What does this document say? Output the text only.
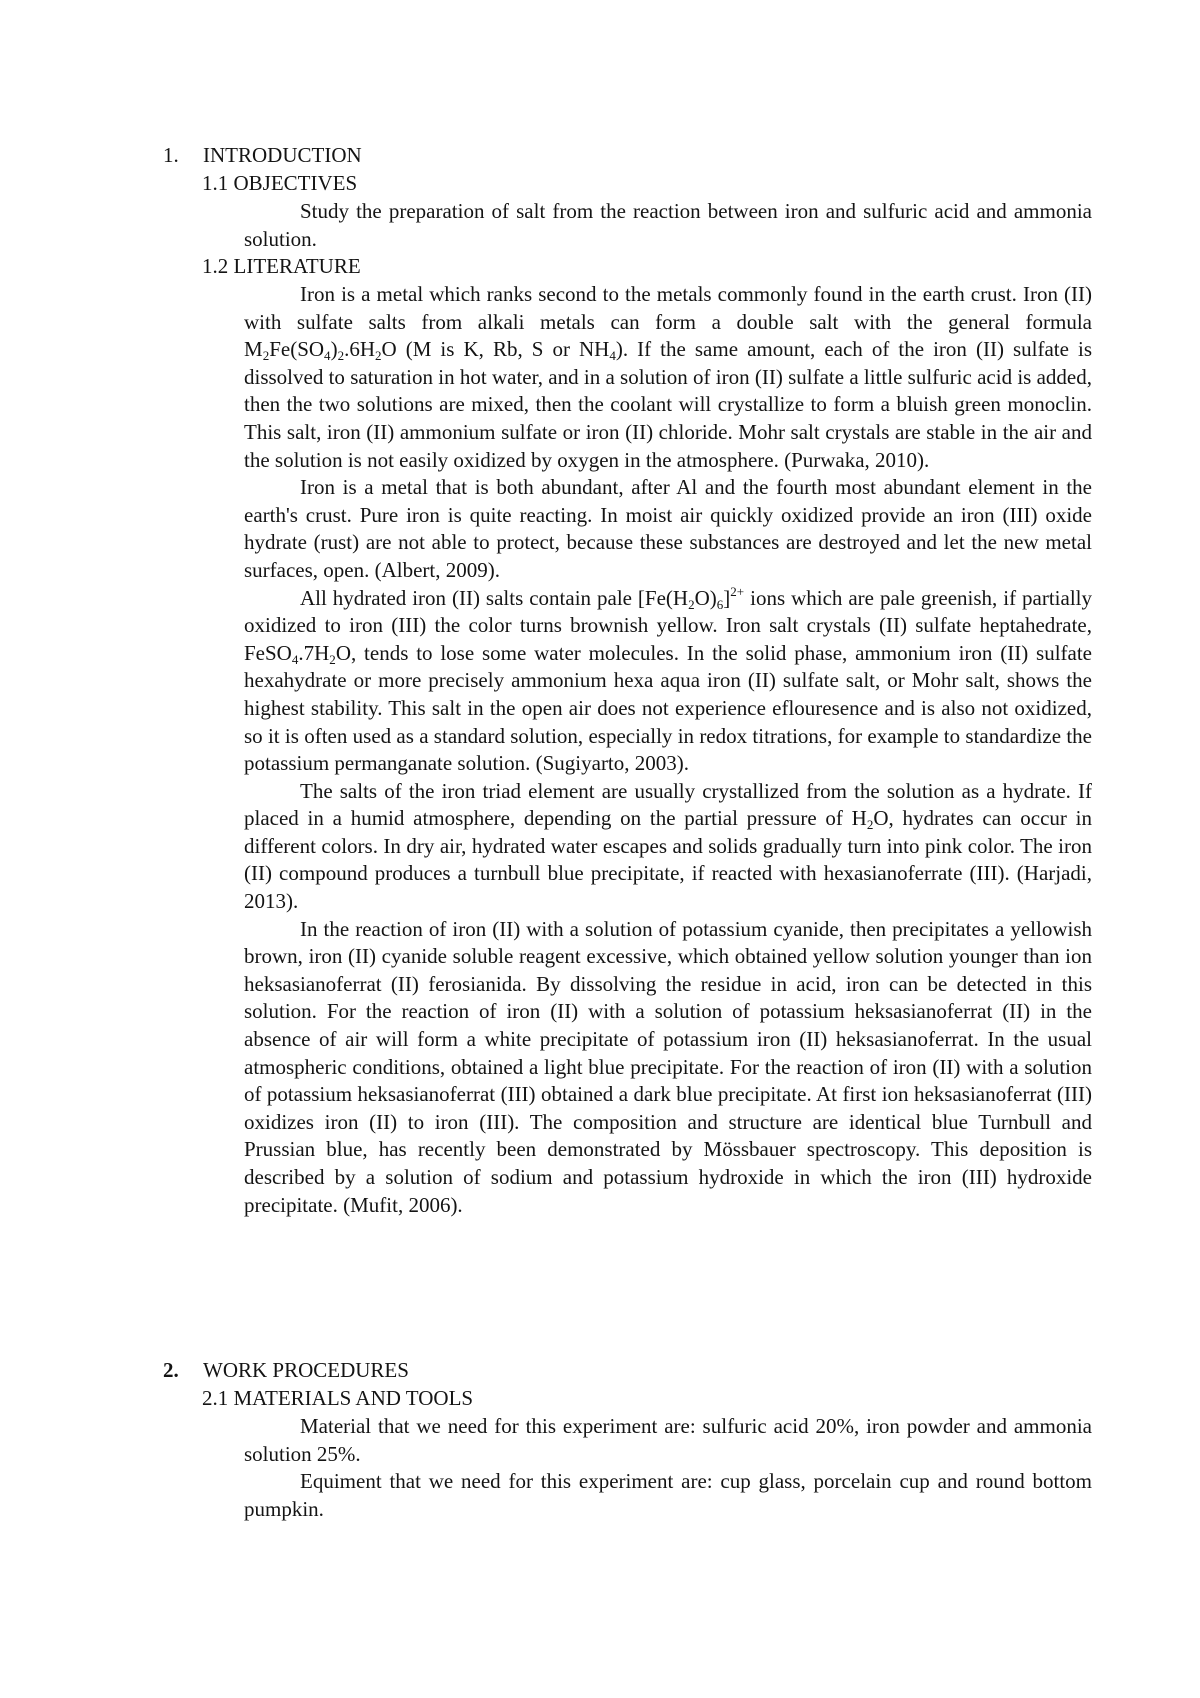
1. INTRODUCTION
1.1 OBJECTIVES

Study the preparation of salt from the reaction between iron and sulfuric acid and ammonia solution.

1.2 LITERATURE

Iron is a metal which ranks second to the metals commonly found in the earth crust. Iron (II) with sulfate salts from alkali metals can form a double salt with the general formula $M_2Fe(SO_4)_2.6H_2O$ (M is K, Rb, S or $NH_4$). If the same amount, each of the iron (II) sulfate is dissolved to saturation in hot water, and in a solution of iron (II) sulfate a little sulfuric acid is added, then the two solutions are mixed, then the coolant will crystallize to form a bluish green monoclin. This salt, iron (II) ammonium sulfate or iron (II) chloride. Mohr salt crystals are stable in the air and the solution is not easily oxidized by oxygen in the atmosphere. (Purwaka, 2010).

Iron is a metal that is both abundant, after Al and the fourth most abundant element in the earth's crust. Pure iron is quite reacting. In moist air quickly oxidized provide an iron (III) oxide hydrate (rust) are not able to protect, because these substances are destroyed and let the new metal surfaces, open. (Albert, 2009).

All hydrated iron (II) salts contain pale $[Fe(H_2O)_6]^{2+}$ ions which are pale greenish, if partially oxidized to iron (III) the color turns brownish yellow. Iron salt crystals (II) sulfate heptahedrate, $FeSO_4.7H_2O$, tends to lose some water molecules. In the solid phase, ammonium iron (II) sulfate hexahydrate or more precisely ammonium hexa aqua iron (II) sulfate salt, or Mohr salt, shows the highest stability. This salt in the open air does not experience eflouresence and is also not oxidized, so it is often used as a standard solution, especially in redox titrations, for example to standardize the potassium permanganate solution. (Sugiyarto, 2003).

The salts of the iron triad element are usually crystallized from the solution as a hydrate. If placed in a humid atmosphere, depending on the partial pressure of $H_2O$, hydrates can occur in different colors. In dry air, hydrated water escapes and solids gradually turn into pink color. The iron (II) compound produces a turnbull blue precipitate, if reacted with hexasianoferrate (III). (Harjadi, 2013).

In the reaction of iron (II) with a solution of potassium cyanide, then precipitates a yellowish brown, iron (II) cyanide soluble reagent excessive, which obtained yellow solution younger than ion heksasianoferrat (II) ferosianida. By dissolving the residue in acid, iron can be detected in this solution. For the reaction of iron (II) with a solution of potassium heksasianoferrat (II) in the absence of air will form a white precipitate of potassium iron (II) heksasianoferrat. In the usual atmospheric conditions, obtained a light blue precipitate. For the reaction of iron (II) with a solution of potassium heksasianoferrat (III) obtained a dark blue precipitate. At first ion heksasianoferrat (III) oxidizes iron (II) to iron (III). The composition and structure are identical blue Turnbull and Prussian blue, has recently been demonstrated by Mössbauer spectroscopy. This deposition is described by a solution of sodium and potassium hydroxide in which the iron (III) hydroxide precipitate. (Mufit, 2006).

2. WORK PROCEDURES
2.1 MATERIALS AND TOOLS

Material that we need for this experiment are: sulfuric acid 20%, iron powder and ammonia solution 25%.

Equiment that we need for this experiment are: cup glass, porcelain cup and round bottom pumpkin.
